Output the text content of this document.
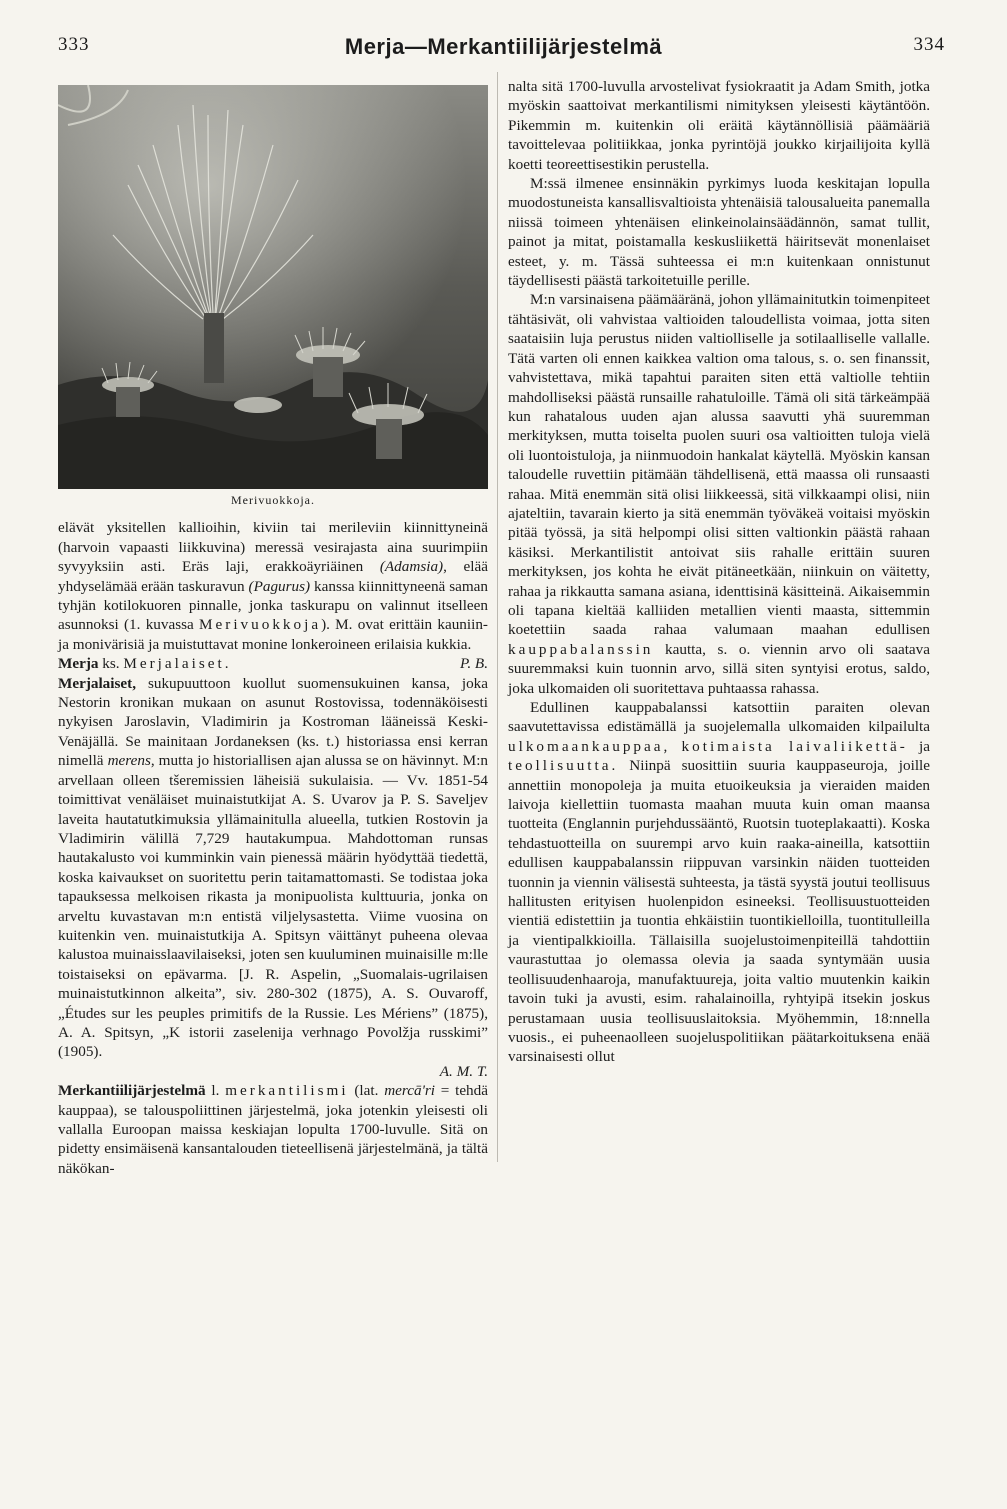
333	Merja—Merkantiilijärjestelmä	334
Merivuokkoja.

elävät yksitellen kallioihin, kiviin tai merileviin kiinnittyneinä (harvoin vapaasti liikkuvina) meressä vesirajasta aina suurimpiin syvyyksiin asti. Eräs laji, erakkoäyriäinen (Adamsia), elää yhdyselämää erään taskuravun (Pagurus) kanssa kiinnittyneenä saman tyhjän kotilokuoren pinnalle, jonka taskurapu on valinnut itselleen asunnoksi (1. kuvassa Merivuokkoja). M. ovat erittäin kauniin- ja monivärisiä ja muistuttavat monine lonkeroineen erilaisia kukkia.
P. B.

Merja ks. Merjalaiset.

Merjalaiset, sukupuuttoon kuollut suomensukuinen kansa, joka Nestorin kronikan mukaan on asunut Rostovissa, todennäköisesti nykyisen Jaroslavin, Vladimirin ja Kostroman lääneissä Keski-Venäjällä. Se mainitaan Jordaneksen (ks. t.) historiassa ensi kerran nimellä merens, mutta jo historiallisen ajan alussa se on hävinnyt. M:n arvellaan olleen tšeremissien läheisiä sukulaisia. — Vv. 1851-54 toimittivat venäläiset muinaistutkijat A. S. Uvarov ja P. S. Saveljev laveita hautatutkimuksia yllämainitulla alueella, tutkien Rostovin ja Vladimirin välillä 7,729 hautakumpua. Mahdottoman runsas hautakalusto voi kumminkin vain pienessä määrin hyödyttää tiedettä, koska kaivaukset on suoritettu perin taitamattomasti. Se todistaa joka tapauksessa melkoisen rikasta ja monipuolista kulttuuria, jonka on arveltu kuvastavan m:n entistä viljelysastetta. Viime vuosina on kuitenkin ven. muinaistutkija A. Spitsyn väittänyt puheena olevaa kalustoa muinaisslaavilaiseksi, joten sen kuuluminen muinaisille m:lle toistaiseksi on epävarma. [J. R. Aspelin, „Suomalais-ugrilaisen muinaistutkinnon alkeita”, siv. 280-302 (1875), A. S. Ouvaroff, „Études sur les peuples primitifs de la Russie. Les Mériens” (1875), A. A. Spitsyn, „K istorii zaselenija verhnago Povolžja russkimi” (1905).

A. M. T.

Merkantiilijärjestelmä l. merkantilismi (lat. mercāʹri = tehdä kauppaa), se talouspoliittinen järjestelmä, joka jotenkin yleisesti oli vallalla Euroopan maissa keskiajan lopulta 1700-luvulle. Sitä on pidetty ensimäisenä kansantalouden tieteellisenä järjestelmänä, ja tältä näkökan-

nalta sitä 1700-luvulla arvostelivat fysiokraatit ja Adam Smith, jotka myöskin saattoivat merkantilismi nimityksen yleisesti käytäntöön. Pikemmin m. kuitenkin oli eräitä käytännöllisiä päämääriä tavoittelevaa politiikkaa, jonka pyrintöjä joukko kirjailijoita kyllä koetti teoreettisestikin perustella.

M:ssä ilmenee ensinnäkin pyrkimys luoda keskitajan lopulla muodostuneista kansallisvaltioista yhtenäisiä talousalueita panemalla niissä toimeen yhtenäisen elinkeinolainsäädännön, samat tullit, painot ja mitat, poistamalla keskusliikettä häiritsevät monenlaiset esteet, y. m. Tässä suhteessa ei m:n kuitenkaan onnistunut täydellisesti päästä tarkoitetuille perille.

M:n varsinaisena päämääränä, johon yllämainitutkin toimenpiteet tähtäsivät, oli vahvistaa valtioiden taloudellista voimaa, jotta siten saataisiin luja perustus niiden valtiolliselle ja sotilaalliselle vallalle. Tätä varten oli ennen kaikkea valtion oma talous, s. o. sen finanssit, vahvistettava, mikä tapahtui paraiten siten että valtiolle tehtiin mahdolliseksi päästä runsaille rahatuloille. Tämä oli sitä tärkeämpää kun rahatalous uuden ajan alussa saavutti yhä suuremman merkityksen, mutta toiselta puolen suuri osa valtioitten tuloja vielä oli luontoistuloja, ja niinmuodoin hankalat käytellä. Myöskin kansan taloudelle ruvettiin pitämään tähdellisenä, että maassa oli runsaasti rahaa. Mitä enemmän sitä olisi liikkeessä, sitä vilkkaampi olisi, niin ajateltiin, tavarain kierto ja sitä enemmän työväkeä voitaisi myöskin pitää työssä, ja sitä helpompi olisi sitten valtionkin päästä rahaan käsiksi. Merkantilistit antoivat siis rahalle erittäin suuren merkityksen, jos kohta he eivät pitäneetkään, niinkuin on väitetty, rahaa ja rikkautta samana asiana, identtisinä käsitteinä. Aikaisemmin oli tapana kieltää kalliiden metallien vienti maasta, sittemmin koetettiin saada rahaa valumaan maahan edullisen kauppabalanssin kautta, s. o. viennin arvo oli saatava suuremmaksi kuin tuonnin arvo, sillä siten syntyisi erotus, saldo, joka ulkomaiden oli suoritettava puhtaassa rahassa.

Edullinen kauppabalanssi katsottiin paraiten olevan saavutettavissa edistämällä ja suojelemalla ulkomaiden kilpailulta ulkomaankauppaa, kotimaista laivaliikettä- ja teollisuutta. Niinpä suosittiin suuria kauppaseuroja, joille annettiin monopoleja ja muita etuoikeuksia ja vieraiden maiden laivoja kiellettiin tuomasta maahan muuta kuin oman maansa tuotteita (Englannin purjehdussääntö, Ruotsin tuoteplakaatti). Koska tehdastuotteilla on suurempi arvo kuin raaka-aineilla, katsottiin edullisen kauppabalanssin riippuvan varsinkin näiden tuotteiden tuonnin ja viennin välisestä suhteesta, ja tästä syystä joutui teollisuus hallitusten erityisen huolenpidon esineeksi. Teollisuustuotteiden vientiä edistettiin ja tuontia ehkäistiin tuontikielloilla, tuontitulleilla ja vientipalkkioilla. Tällaisilla suojelustoimenpiteillä tahdottiin vaurastuttaa jo olemassa olevia ja saada syntymään uusia teollisuudenhaaroja, manufaktuureja, joita valtio muutenkin kaikin tavoin tuki ja avusti, esim. rahalainoilla, ryhtyipä itsekin joskus perustamaan uusia teollisuuslaitoksia. Myöhemmin, 18:nnella vuosis., ei puheenaolleen suojeluspolitiikan päätarkoituksena enää varsinaisesti ollut
